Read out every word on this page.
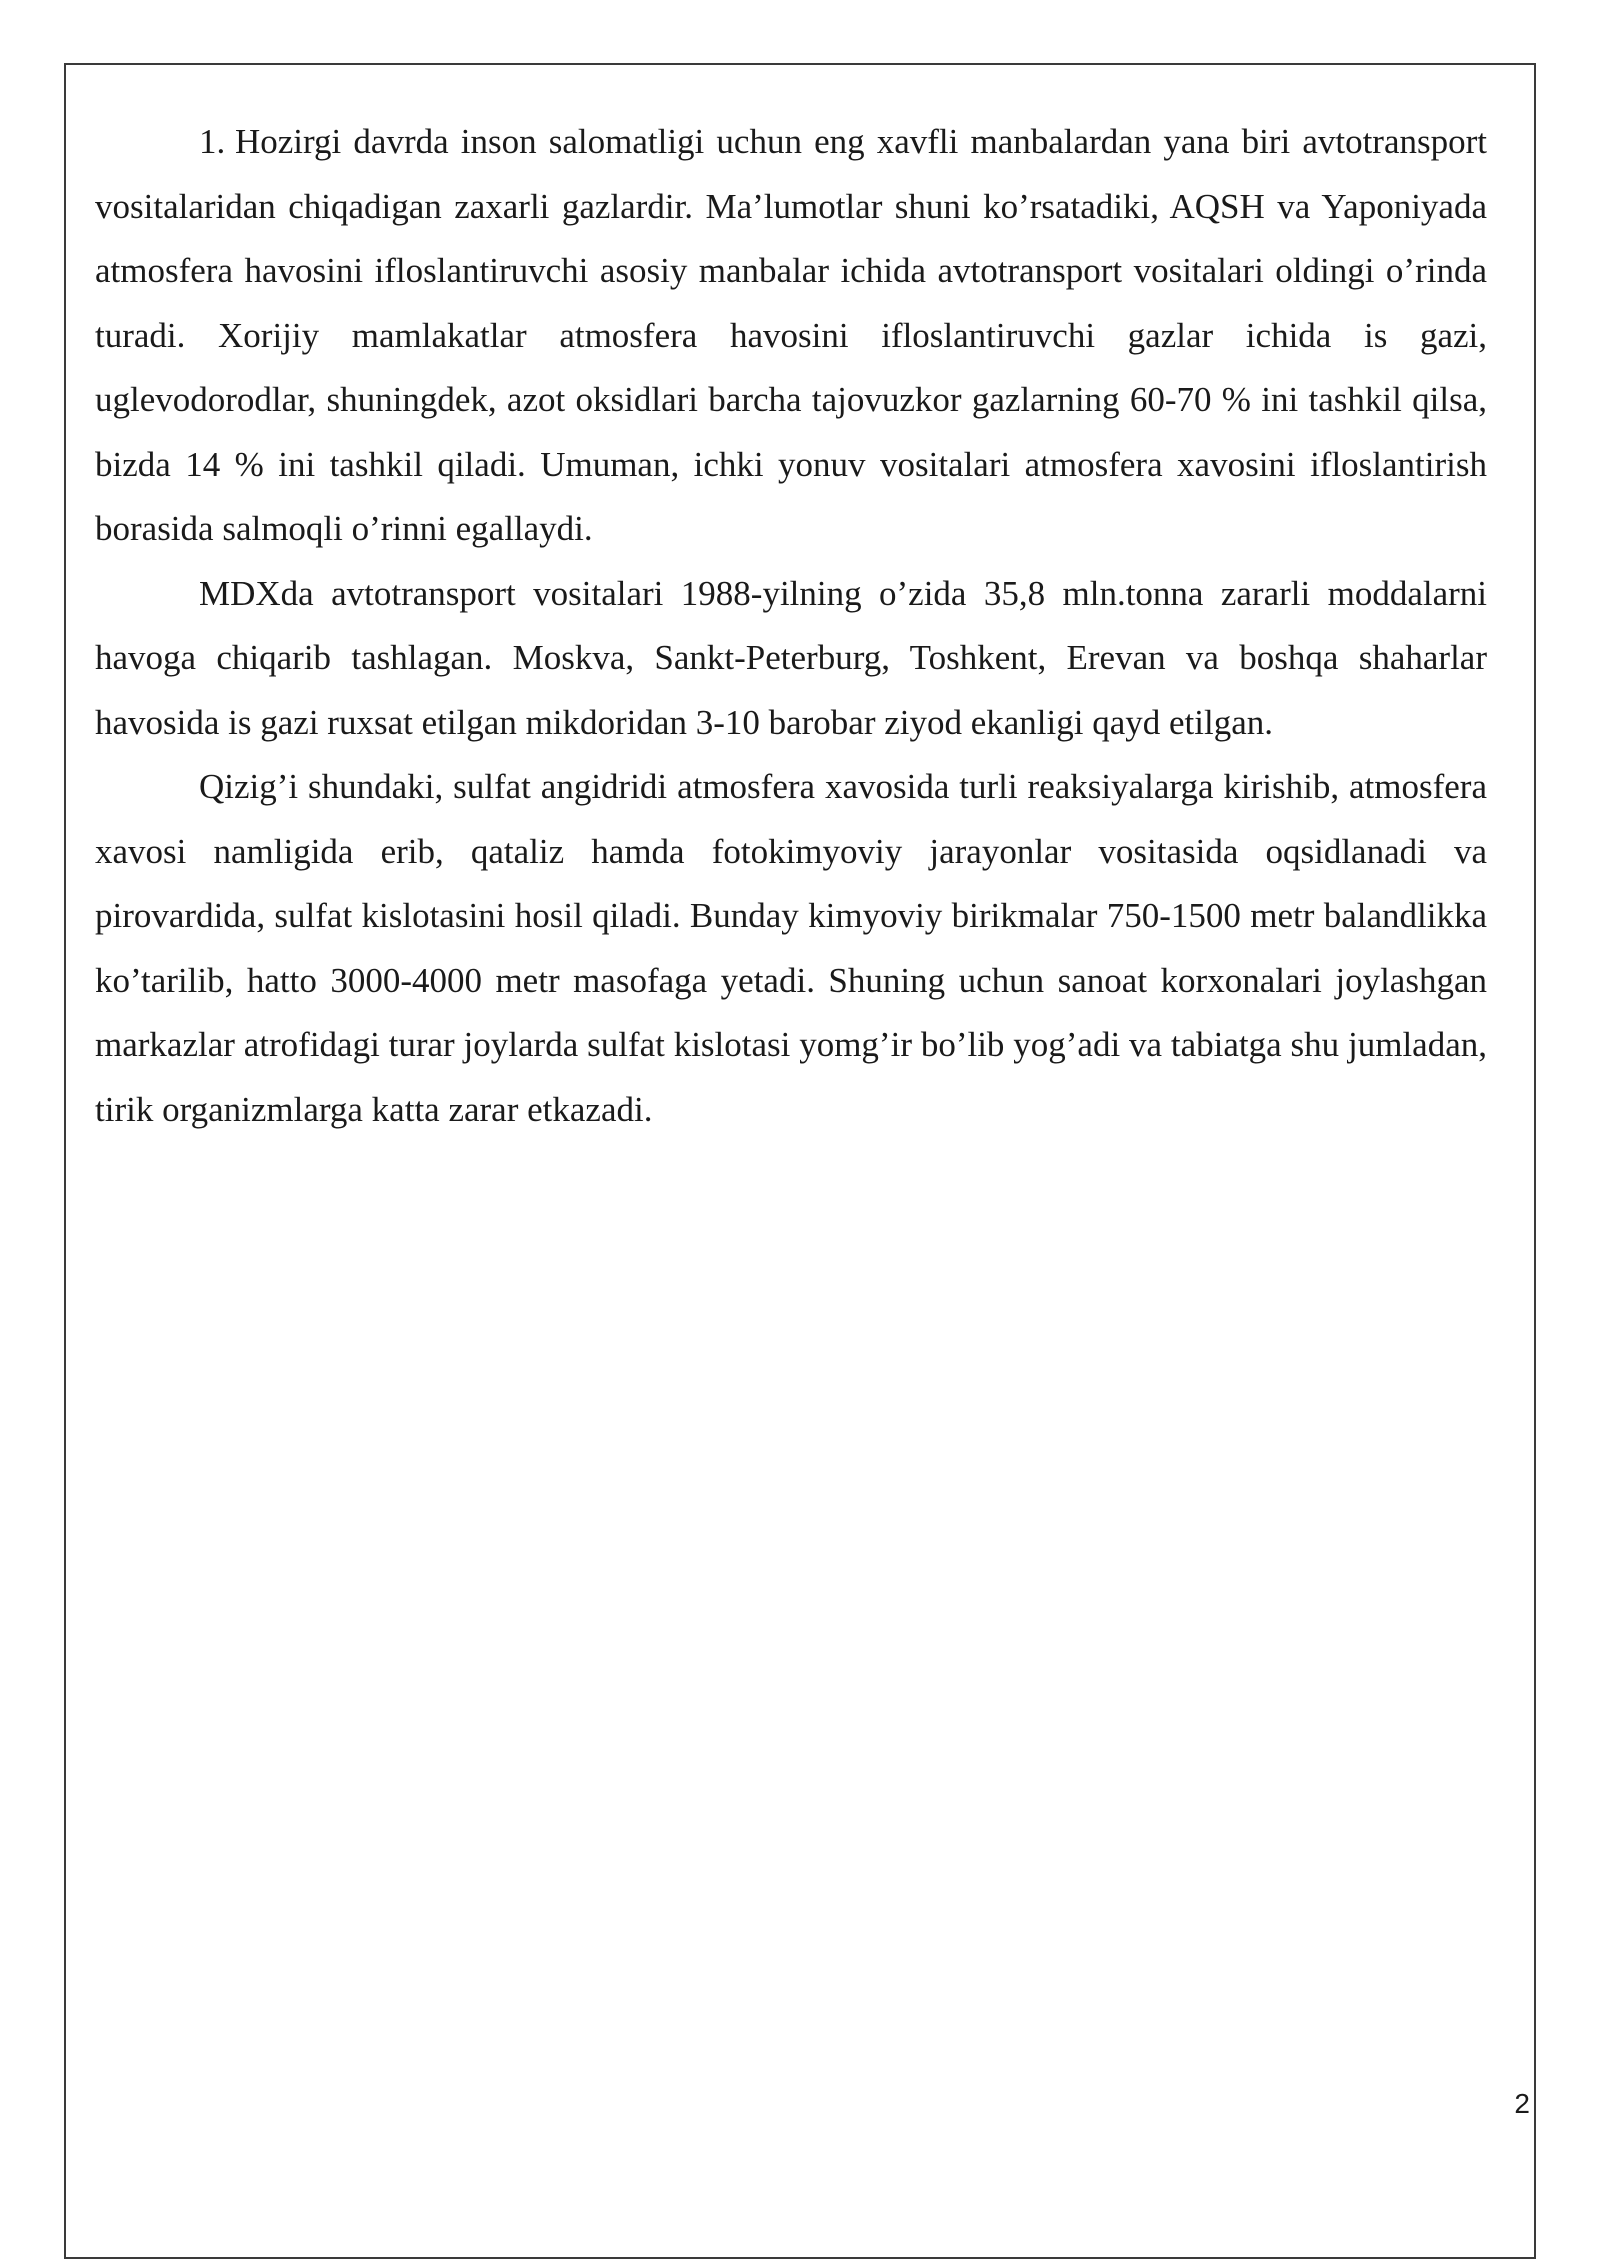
1. Hozirgi davrda inson salomatligi uchun eng xavfli manbalardan yana biri avtotransport vositalaridan chiqadigan zaxarli gazlardir. Ma’lumotlar shuni ko’rsatadiki, AQSH va Yaponiyada atmosfera havosini ifloslantiruvchi asosiy manbalar ichida avtotransport vositalari oldingi o’rinda turadi. Xorijiy mamlakatlar atmosfera havosini ifloslantiruvchi gazlar ichida is gazi, uglevodorodlar, shuningdek, azot oksidlari barcha tajovuzkor gazlarning 60-70 % ini tashkil qilsa, bizda 14 % ini tashkil qiladi. Umuman, ichki yonuv vositalari atmosfera xavosini ifloslantirish borasida salmoqli o’rinni egallaydi.

MDXda avtotransport vositalari 1988-yilning o’zida 35,8 mln.tonna zararli moddalarni havoga chiqarib tashlagan. Moskva, Sankt-Peterburg, Toshkent, Erevan va boshqa shaharlar havosida is gazi ruxsat etilgan mikdoridan 3-10 barobar ziyod ekanligi qayd etilgan.

Qizig’i shundaki, sulfat angidridi atmosfera xavosida turli reaksiyalarga kirishib, atmosfera xavosi namligida erib, qataliz hamda fotokimyoviy jarayonlar vositasida oqsidlanadi va pirovardida, sulfat kislotasini hosil qiladi. Bunday kimyoviy birikmalar 750-1500 metr balandlikka ko’tarilib, hatto 3000-4000 metr masofaga yetadi. Shuning uchun sanoat korxonalari joylashgan markazlar atrofidagi turar joylarda sulfat kislotasi yomg’ir bo’lib yog’adi va tabiatga shu jumladan, tirik organizmlarga katta zarar etkazadi.

2
